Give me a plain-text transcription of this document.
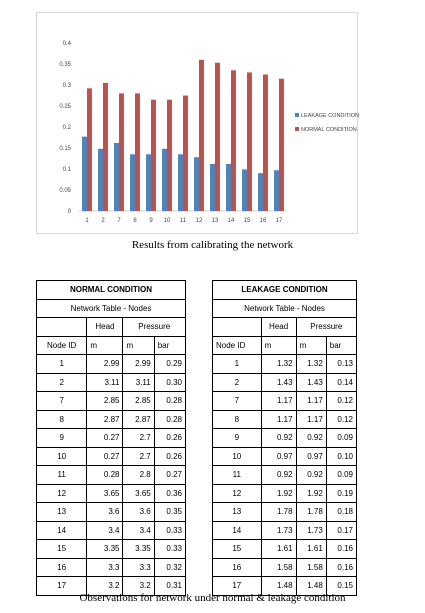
0
0.05
0.1
0.15
0.2
0.25
0.3
0.35
0.4
1 2 7 8 9 10 11 12 13 14 15 16 17
LEAKAGE CONDITION
NORMAL CONDITION
Results from calibrating the network
NORMAL CONDITION			
Network Table - Nodes			
	Head	Pressure	
Node ID	m	m	bar
1	2.99	2.99	0.29
2	3.11	3.11	0.30
7	2.85	2.85	0.28
8	2.87	2.87	0.28
9	0.27	2.7	0.26
10	0.27	2.7	0.26
11	0.28	2.8	0.27
12	3.65	3.65	0.36
13	3.6	3.6	0.35
14	3.4	3.4	0.33
15	3.35	3.35	0.33
16	3.3	3.3	0.32
17	3.2	3.2	0.31
LEAKAGE CONDITION			
Network Table - Nodes			
	Head	Pressure	
Node ID	m	m	bar
1	1.32	1.32	0.13
2	1.43	1.43	0.14
7	1.17	1.17	0.12
8	1.17	1.17	0.12
9	0.92	0.92	0.09
10	0.97	0.97	0.10
11	0.92	0.92	0.09
12	1.92	1.92	0.19
13	1.78	1.78	0.18
14	1.73	1.73	0.17
15	1.61	1.61	0.16
16	1.58	1.58	0.16
17	1.48	1.48	0.15
Observations for network under normal & leakage condition
